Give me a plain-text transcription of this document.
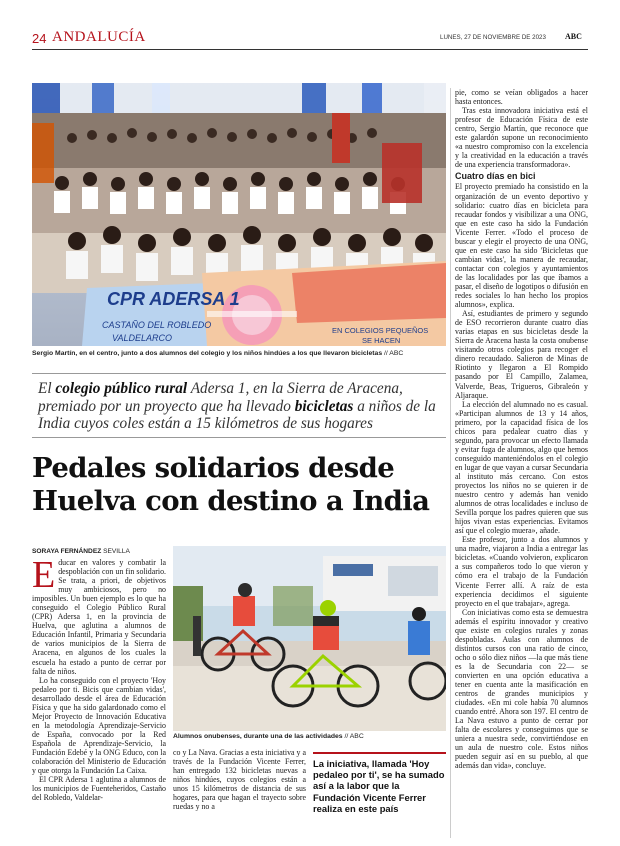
24 ANDALUCÍA	LUNES, 27 DE NOVIEMBRE DE 2023 ABC
CPR ADERSA 1
CASTAÑO DEL ROBLEDO
VALDELARCO
EN COLEGIOS PEQUEÑOS
SE HACEN
Sergio Martín, en el centro, junto a dos alumnos del colegio y los niños hindúes a los que llevaron bicicletas // ABC
El colegio público rural Adersa 1, en la Sierra de Aracena, premiado por un proyecto que ha llevado bicicletas a niños de la India cuyos coles están a 15 kilómetros de sus hogares
Pedales solidarios desde Huelva con destino a India
SORAYA FERNÁNDEZ SEVILLA

Educar en valores y combatir la despoblación con un fin solidario. Se trata, a priori, de objetivos muy ambiciosos, pero no imposibles. Un buen ejemplo es lo que ha conseguido el Colegio Público Rural (CPR) Adersa 1, en la provincia de Huelva, que aglutina a alumnos de Educación Infantil, Primaria y Secundaria de varios municipios de la Sierra de Aracena, en algunos de los cuales la escuela ha estado a punto de cerrar por falta de niños.

Lo ha conseguido con el proyecto 'Hoy pedaleo por ti. Bicis que cambian vidas', desarrollado desde el área de Educación Física y que ha sido galardonado como el Mejor Proyecto de Innovación Educativa en la metodología Aprendizaje-Servicio de España, convocado por la Red Española de Aprendizaje-Servicio, la Fundación Edebé y la ONG Educo, con la colaboración del Ministerio de Educación y que otorga la Fundación La Caixa.

El CPR Adersa 1 aglutina a alumnos de los municipios de Fuenteheridos, Castaño del Robledo, Valdelar-

Alumnos onubenses, durante una de las actividades // ABC

co y La Nava. Gracias a esta iniciativa y a través de la Fundación Vicente Ferrer, han entregado 132 bicicletas nuevas a niños hindúes, cuyos colegios están a unos 15 kilómetros de distancia de sus hogares, para que hagan el trayecto sobre ruedas y no a

La iniciativa, llamada 'Hoy pedaleo por ti', se ha sumado así a la labor que la Fundación Vicente Ferrer realiza en este país

pie, como se veían obligados a hacer hasta entonces.

Tras esta innovadora iniciativa está el profesor de Educación Física de este centro, Sergio Martín, que reconoce que este galardón supone un reconocimiento «a nuestro compromiso con la excelencia y la creatividad en la educación a través de una experiencia transformadora».

Cuatro días en bici

El proyecto premiado ha consistido en la organización de un evento deportivo y solidario: cuatro días en bicicleta para recaudar fondos y visibilizar a una ONG, que en este caso ha sido la Fundación Vicente Ferrer. «Todo el proceso de buscar y elegir el proyecto de una ONG, que en este caso ha sido 'Bicicletas que cambian vidas', la manera de recaudar, contactar con colegios y ayuntamientos de las localidades por las que íbamos a pasar, el diseño de logotipos o difusión en redes sociales lo han hecho los propios alumnos», explica.

Así, estudiantes de primero y segundo de ESO recorrieron durante cuatro días varias etapas en sus bicicletas desde la Sierra de Aracena hasta la costa onubense visitando otros colegios para recoger el dinero recaudado. Salieron de Minas de Riotinto y llegaron a El Rompido pasando por El Campillo, Zalamea, Valverde, Beas, Trigueros, Gibraleón y Aljaraque.

La elección del alumnado no es casual. «Participan alumnos de 13 y 14 años, primero, por la capacidad física de los chicos para pedalear cuatro días y segundo, para provocar un efecto llamada y evitar fuga de alumnos, algo que hemos conseguido manteniéndolos en el colegio en lugar de que vayan a cursar Secundaria al instituto más cercano. Con estos proyectos los niños no se quieren ir de nuestro centro y además han venido alumnos de otras localidades e incluso de Sevilla porque los padres quieren que sus hijos vivan estas experiencias. Evitamos así que el colegio muera», añade.

Este profesor, junto a dos alumnos y una madre, viajaron a India a entregar las bicicletas. «Cuando volvieron, explicaron a sus compañeros todo lo que vieron y cómo era el trabajo de la Fundación Vicente Ferrer allí. A raíz de esta experiencia decidimos el siguiente proyecto en el que trabajar», agrega.

Con iniciativas como esta se demuestra además el espíritu innovador y creativo que existe en colegios rurales y zonas despobladas. Aulas con alumnos de distintos cursos con una ratio de cinco, ocho o sólo diez niños —la que más tiene es la de Secundaria con 22— se convierten en una opción educativa a tener en cuenta ante la masificación en centros de grandes municipios y ciudades. «En mi cole había 70 alumnos cuando entré. Ahora son 197. El centro de La Nava estuvo a punto de cerrar por falta de escolares y conseguimos que se uniera a nuestra sede, convirtiéndose en un aula de nuestro cole. Estos niños pueden seguir así en su pueblo, al que además dan vida», concluye.
